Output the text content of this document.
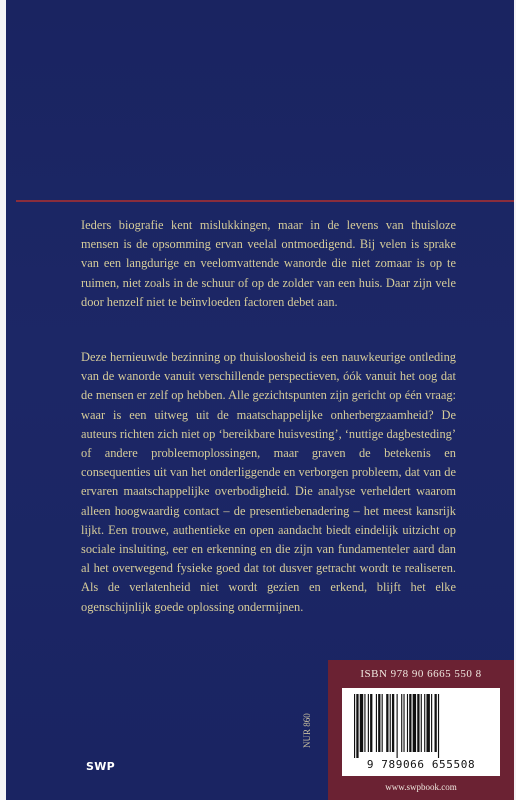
Ieders biografie kent mislukkingen, maar in de levens van thuisloze mensen is de opsomming ervan veelal ontmoedigend. Bij velen is sprake van een langdurige en veelomvattende wanorde die niet zomaar is op te ruimen, niet zoals in de schuur of op de zolder van een huis. Daar zijn vele door henzelf niet te beïnvloeden factoren debet aan.
Deze hernieuwde bezinning op thuisloosheid is een nauwkeurige ontleding van de wanorde vanuit verschillende perspectieven, óók vanuit het oog dat de mensen er zelf op hebben. Alle gezichtspunten zijn gericht op één vraag: waar is een uitweg uit de maatschappelijke onherbergzaamheid? De auteurs richten zich niet op ‘bereikbare huisvesting’, ‘nuttige dagbesteding’ of andere probleemoplossingen, maar graven de betekenis en consequenties uit van het onderliggende en verborgen probleem, dat van de ervaren maatschappelijke overbodigheid. Die analyse verheldert waarom alleen hoogwaardig contact – de presentiebenadering – het meest kansrijk lijkt. Een trouwe, authentieke en open aandacht biedt eindelijk uitzicht op sociale insluiting, eer en erkenning en die zijn van fundamenteler aard dan al het overwegend fysieke goed dat tot dusver getracht wordt te realiseren. Als de verlatenheid niet wordt gezien en erkend, blijft het elke ogenschijnlijk goede oplossing ondermijnen.
SWP
NUR 860
ISBN 978 90 6665 550 8
9 789066 655508
www.swpbook.com
